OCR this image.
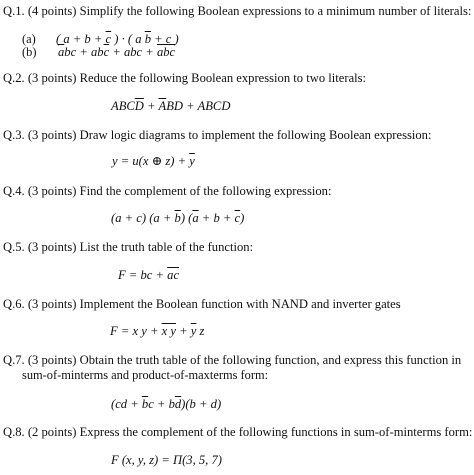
Q.1. (4 points) Simplify the following Boolean expressions to a minimum number of literals:
(a) ( $a + b + \overline{c}$ ) · ( a $\overline{b} + c$ )
(b) $\overline{a}bc + ab\overline{c}$ + abc + $\overline{abc}$
Q.2. (3 points) Reduce the following Boolean expression to two literals:
$ABC\overline{D} + \overline{A}BD$ + ABCD
Q.3. (3 points) Draw logic diagrams to implement the following Boolean expression:
y = u(x ⊕ $z) + \overline{y}$
Q.4. (3 points) Find the complement of the following expression:
(a + c) $(a + \overline{b})$ $(\overline{a} + b + \overline{c})$
Q.5. (3 points) List the truth table of the function:
F = bc + $\overline{ac}$
Q.6. (3 points) Implement the Boolean function with NAND and inverter gates
F = x y + x $y + \overline{y}$ z
Q.7. (3 points) Obtain the truth table of the following function, and express this function in
sum-of-minterms and product-of-maxterms form:
$(cd + \overline{b}c + b\overline{d})(b + d)$
Q.8. (2 points) Express the complement of the following functions in sum-of-minterms form:
F (x, y, z) = Π(3, 5, 7)
